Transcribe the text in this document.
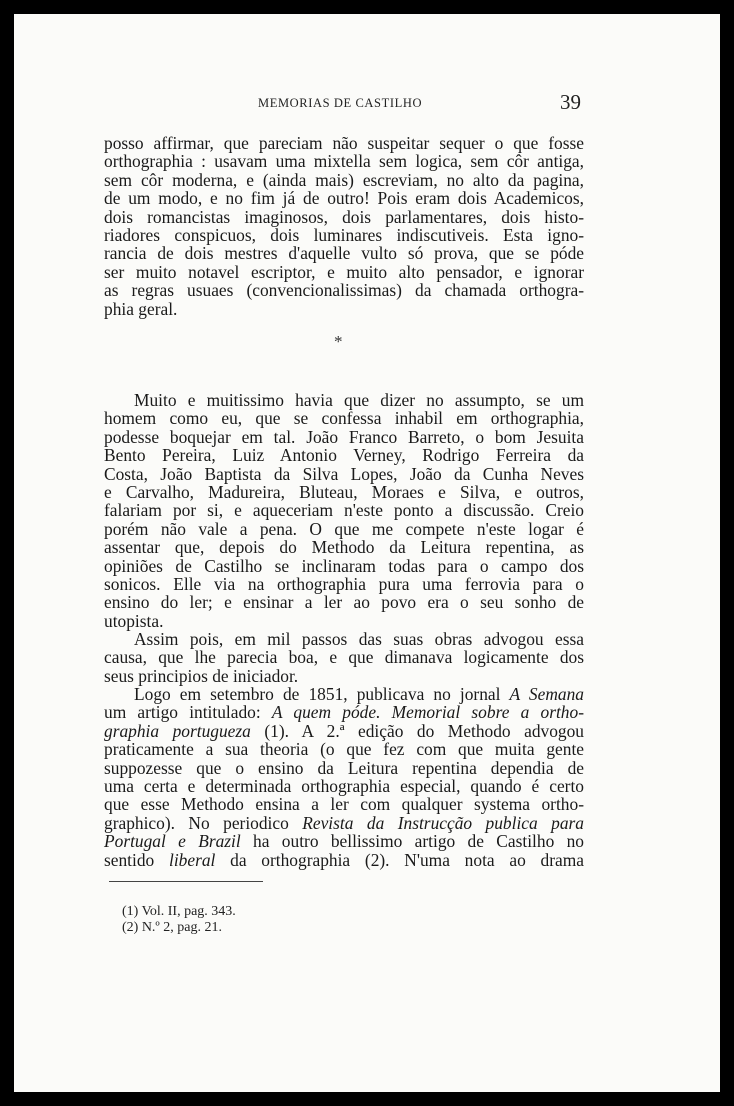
MEMORIAS DE CASTILHO	39
posso affirmar, que pareciam não suspeitar sequer o que fosse
orthographia : usavam uma mixtella sem logica, sem côr antiga,
sem côr moderna, e (ainda mais) escreviam, no alto da pagina,
de um modo, e no fim já de outro! Pois eram dois Academicos,
dois romancistas imaginosos, dois parlamentares, dois histo-
riadores conspicuos, dois luminares indiscutiveis. Esta igno-
rancia de dois mestres d'aquelle vulto só prova, que se póde
ser muito notavel escriptor, e muito alto pensador, e ignorar
as regras usuaes (convencionalissimas) da chamada orthogra-
phia geral.
*
Muito e muitissimo havia que dizer no assumpto, se um
homem como eu, que se confessa inhabil em orthographia,
podesse boquejar em tal. João Franco Barreto, o bom Jesuita
Bento Pereira, Luiz Antonio Verney, Rodrigo Ferreira da
Costa, João Baptista da Silva Lopes, João da Cunha Neves
e Carvalho, Madureira, Bluteau, Moraes e Silva, e outros,
falariam por si, e aqueceriam n'este ponto a discussão. Creio
porém não vale a pena. O que me compete n'este logar é
assentar que, depois do Methodo da Leitura repentina, as
opiniões de Castilho se inclinaram todas para o campo dos
sonicos. Elle via na orthographia pura uma ferrovia para o
ensino do ler; e ensinar a ler ao povo era o seu sonho de
utopista.
Assim pois, em mil passos das suas obras advogou essa
causa, que lhe parecia boa, e que dimanava logicamente dos
seus principios de iniciador.
Logo em setembro de 1851, publicava no jornal A Semana
um artigo intitulado: A quem póde. Memorial sobre a ortho-
graphia portugueza (1). A 2.ª edição do Methodo advogou
praticamente a sua theoria (o que fez com que muita gente
suppozesse que o ensino da Leitura repentina dependia de
uma certa e determinada orthographia especial, quando é certo
que esse Methodo ensina a ler com qualquer systema ortho-
graphico). No periodico Revista da Instrucção publica para
Portugal e Brazil ha outro bellissimo artigo de Castilho no
sentido liberal da orthographia (2). N'uma nota ao drama
(1) Vol. II, pag. 343.
(2) N.º 2, pag. 21.
